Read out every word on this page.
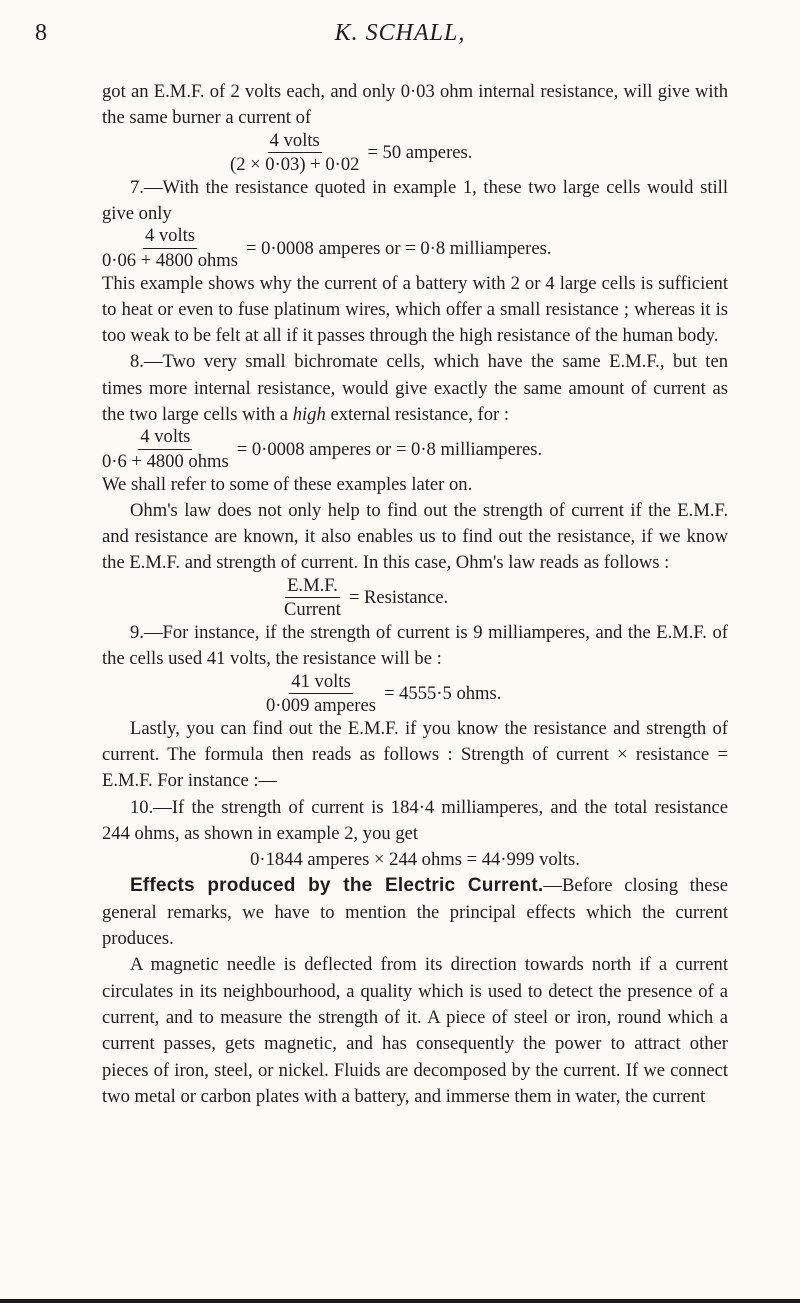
8	K. SCHALL,

got an E.M.F. of 2 volts each, and only 0·03 ohm internal resistance, will give with the same burner a current of

$\frac{\text{4 volts}}{(2 \times 0\cdot 03) + 0\cdot 02} = 50$ amperes.

7.—With the resistance quoted in example 1, these two large cells would still give only

$\frac{\text{4 volts}}{\text{0·06 + 4800 ohms}} = 0\cdot 0008$ amperes or = 0·8 milliamperes.

This example shows why the current of a battery with 2 or 4 large cells is sufficient to heat or even to fuse platinum wires, which offer a small resistance ; whereas it is too weak to be felt at all if it passes through the high resistance of the human body.

8.—Two very small bichromate cells, which have the same E.M.F., but ten times more internal resistance, would give exactly the same amount of current as the two large cells with a high external resistance, for :

$\frac{\text{4 volts}}{\text{0·6 + 4800 ohms}} = 0\cdot 0008$ amperes or = 0·8 milliamperes.

We shall refer to some of these examples later on.

Ohm's law does not only help to find out the strength of current if the E.M.F. and resistance are known, it also enables us to find out the resistance, if we know the E.M.F. and strength of current. In this case, Ohm's law reads as follows :

$\frac{E.M.F.}{\text{Current}}$ = Resistance.

9.—For instance, if the strength of current is 9 milliamperes, and the E.M.F. of the cells used 41 volts, the resistance will be :

$\frac{\text{41 volts}}{\text{0·009 amperes}} = 4555\cdot 5$ ohms.

Lastly, you can find out the E.M.F. if you know the resistance and strength of current. The formula then reads as follows : Strength of current × resistance = E.M.F. For instance :—

10.—If the strength of current is 184·4 milliamperes, and the total resistance 244 ohms, as shown in example 2, you get

0·1844 amperes × 244 ohms = 44·999 volts.

Effects produced by the Electric Current.—Before closing these general remarks, we have to mention the principal effects which the current produces.

A magnetic needle is deflected from its direction towards north if a current circulates in its neighbourhood, a quality which is used to detect the presence of a current, and to measure the strength of it. A piece of steel or iron, round which a current passes, gets magnetic, and has consequently the power to attract other pieces of iron, steel, or nickel. Fluids are decomposed by the current. If we connect two metal or carbon plates with a battery, and immerse them in water, the current
